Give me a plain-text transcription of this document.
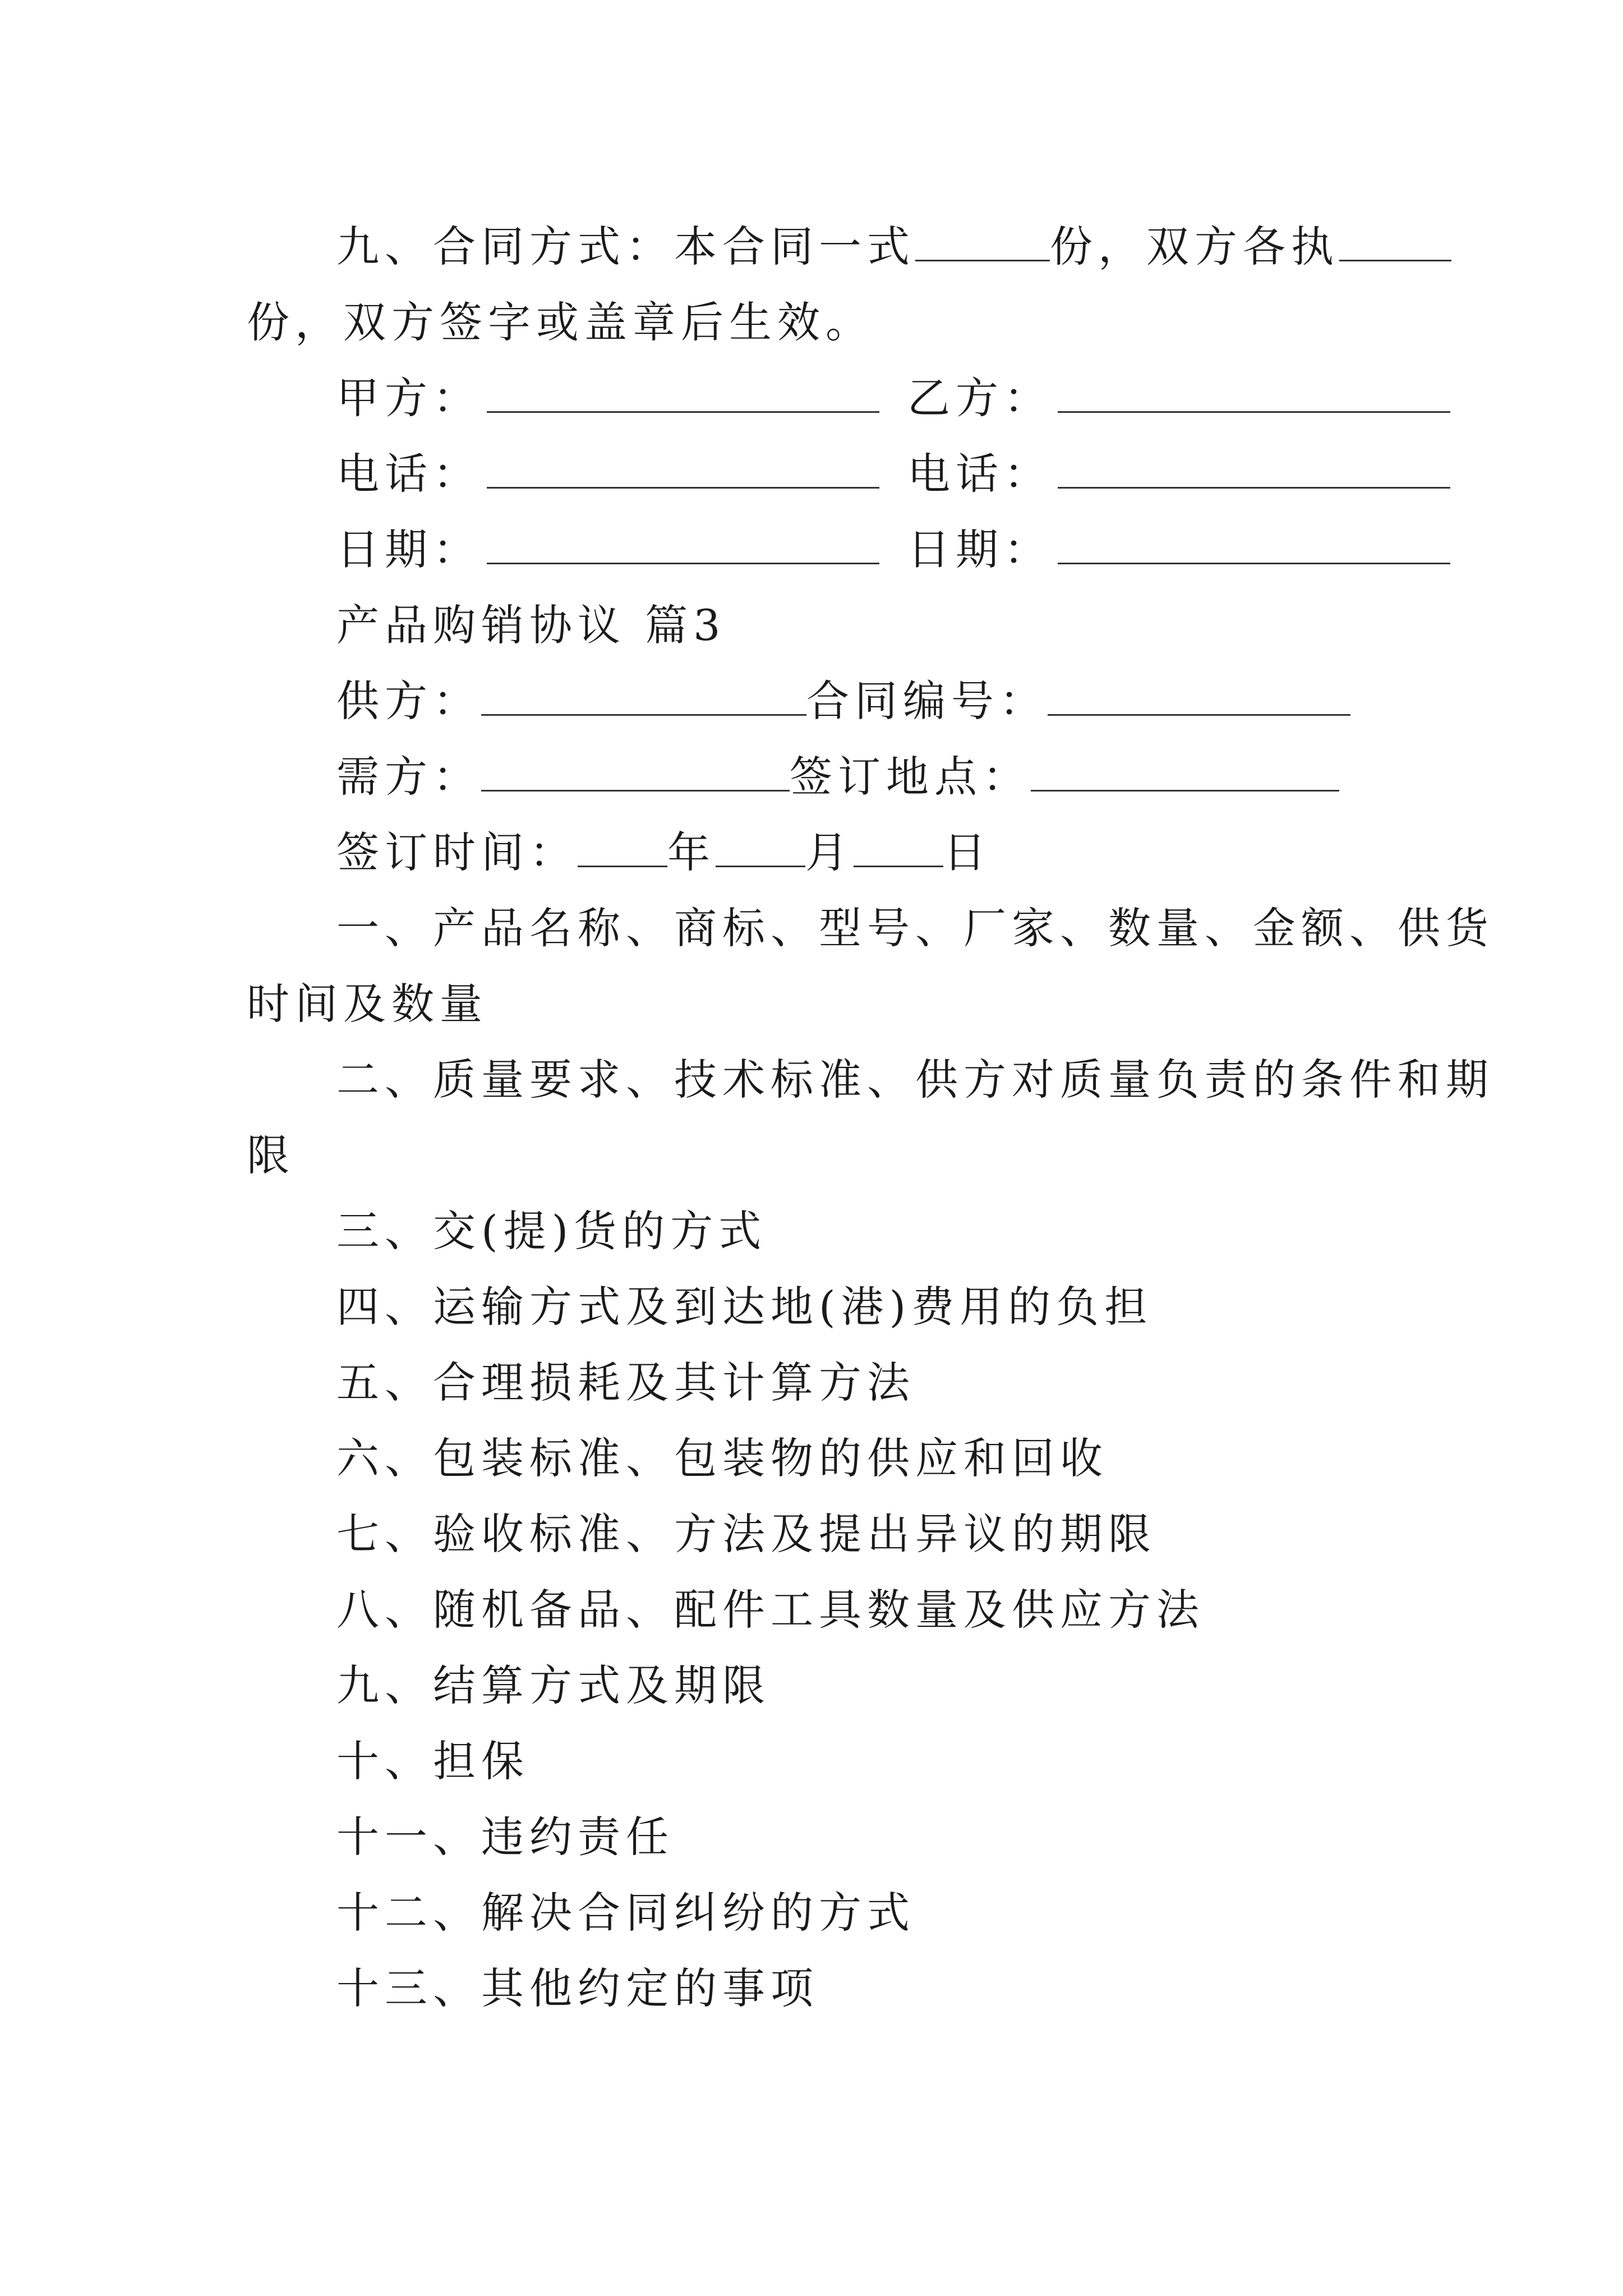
九、合同方式：本合同一式	份，双方各执
份，双方签字或盖章后生效。
甲方：	乙方：
电话：	电话：
日期：	日期：
产品购销协议 篇3
供方：	合同编号：
需方：	签订地点：
签订时间： 年 月 日
一、产品名称、商标、型号、厂家、数量、金额、供货
时间及数量
二、质量要求、技术标准、供方对质量负责的条件和期
限
三、交(提)货的方式
四、运输方式及到达地(港)费用的负担
五、合理损耗及其计算方法
六、包装标准、包装物的供应和回收
七、验收标准、方法及提出异议的期限
八、随机备品、配件工具数量及供应方法
九、结算方式及期限
十、担保
十一、违约责任
十二、解决合同纠纷的方式
十三、其他约定的事项
